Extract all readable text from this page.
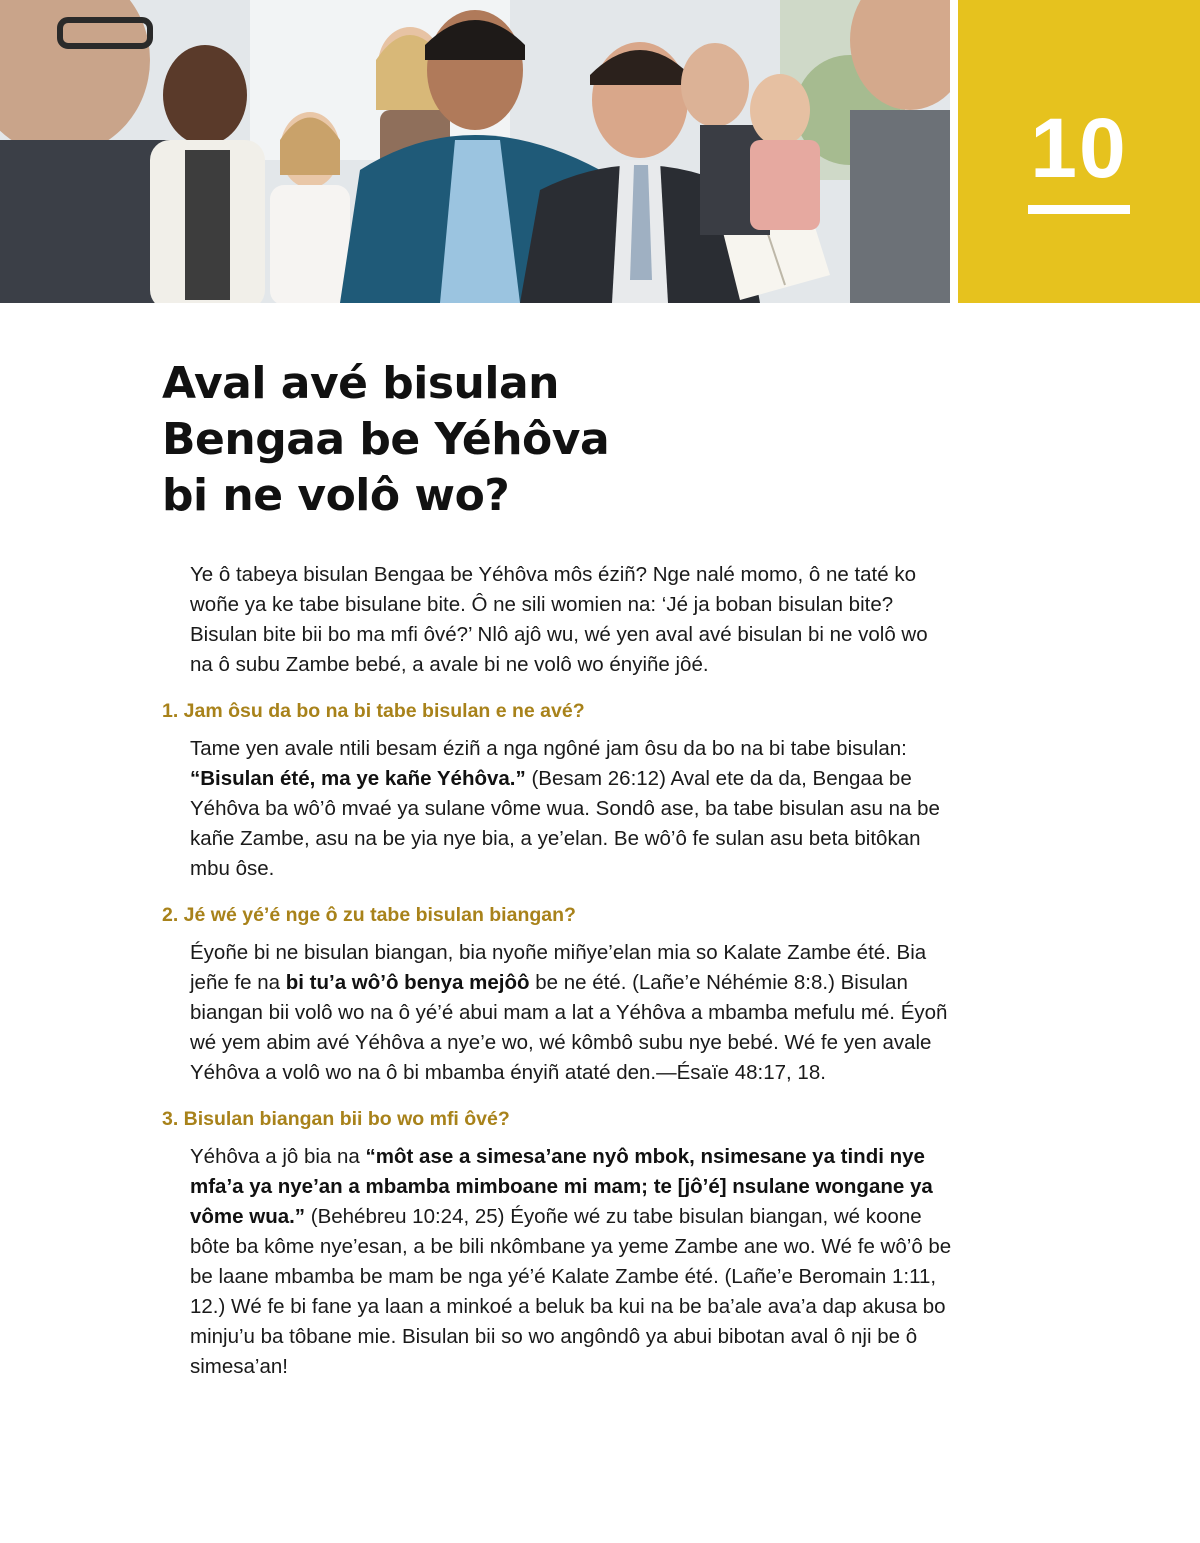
10
Aval avé bisulan
Bengaa be Yéhôva
bi ne volô wo?

Ye ô tabeya bisulan Bengaa be Yéhôva môs éziñ? Nge nalé momo, ô ne taté ko woñe ya ke tabe bisulane bite. Ô ne sili womien na: ‘Jé ja boban bisulan bite? Bisulan bite bii bo ma mfi ôvé?’ Nlô ajô wu, wé yen aval avé bisulan bi ne volô wo na ô subu Zambe bebé, a avale bi ne volô wo ényiñe jôé.

1. Jam ôsu da bo na bi tabe bisulan e ne avé?

Tame yen avale ntili besam éziñ a nga ngôné jam ôsu da bo na bi tabe bisulan: “Bisulan été, ma ye kañe Yéhôva.” (Besam 26:12) Aval ete da da, Bengaa be Yéhôva ba wô’ô mvaé ya sulane vôme wua. Sondô ase, ba tabe bisulan asu na be kañe Zambe, asu na be yia nye bia, a ye’elan. Be wô’ô fe sulan asu beta bitôkan mbu ôse.

2. Jé wé yé’é nge ô zu tabe bisulan biangan?

Éyoñe bi ne bisulan biangan, bia nyoñe miñye’elan mia so Kalate Zambe été. Bia jeñe fe na bi tu’a wô’ô benya mejôô be ne été. (Lañe’e Néhémie 8:8.) Bisulan biangan bii volô wo na ô yé’é abui mam a lat a Yéhôva a mbamba mefulu mé. Éyoñ wé yem abim avé Yéhôva a nye’e wo, wé kômbô subu nye bebé. Wé fe yen avale Yéhôva a volô wo na ô bi mbamba ényiñ ataté den.—Ésaïe 48:17, 18.

3. Bisulan biangan bii bo wo mfi ôvé?

Yéhôva a jô bia na “môt ase a simesa’ane nyô mbok, nsimesane ya tindi nye mfa’a ya nye’an a mbamba mimboane mi mam; te [jô’é] nsulane wongane ya vôme wua.” (Behébreu 10:24, 25) Éyoñe wé zu tabe bisulan biangan, wé koone bôte ba kôme nye’esan, a be bili nkômbane ya yeme Zambe ane wo. Wé fe wô’ô be be laane mbamba be mam be nga yé’é Kalate Zambe été. (Lañe’e Beromain 1:11, 12.) Wé fe bi fane ya laan a minkoé a beluk ba kui na be ba’ale ava’a dap akusa bo minju’u ba tôbane mie. Bisulan bii so wo angôndô ya abui bibotan aval ô nji be ô simesa’an!
